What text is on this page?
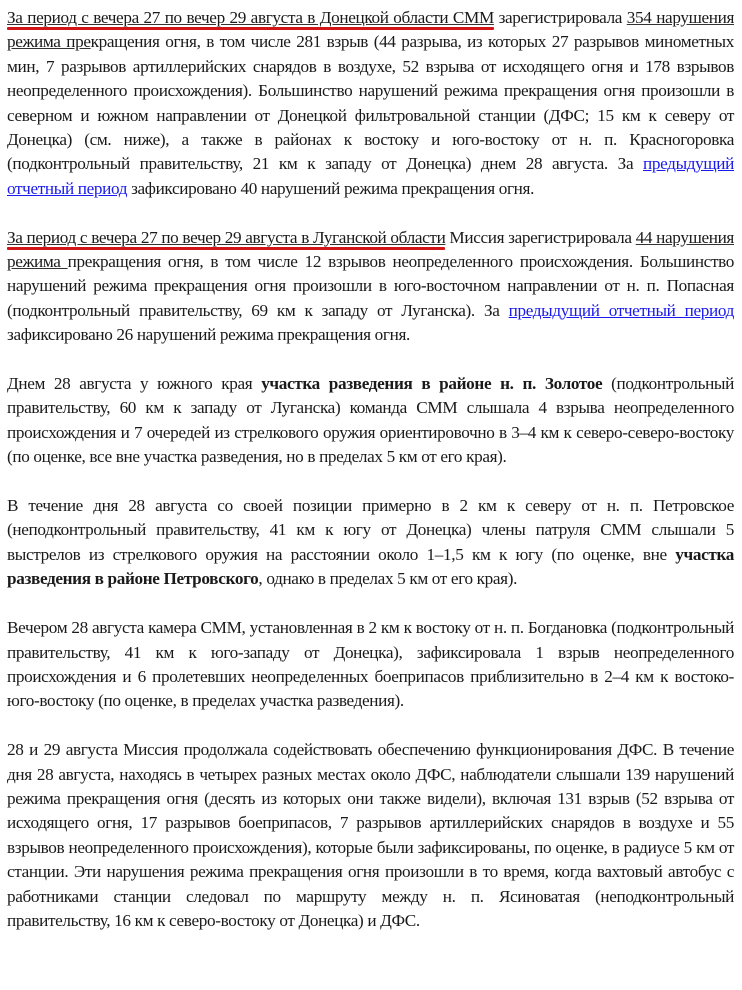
За период с вечера 27 по вечер 29 августа в Донецкой области СММ зарегистрировала 354 нарушения режима прекращения огня, в том числе 281 взрыв (44 разрыва, из которых 27 разрывов минометных мин, 7 разрывов артиллерийских снарядов в воздухе, 52 взрыва от исходящего огня и 178 взрывов неопределенного происхождения). Большинство нарушений режима прекращения огня произошли в северном и южном направлении от Донецкой фильтровальной станции (ДФС; 15 км к северу от Донецка) (см. ниже), а также в районах к востоку и юго-востоку от н. п. Красногоровка (подконтрольный правительству, 21 км к западу от Донецка) днем 28 августа. За предыдущий отчетный период зафиксировано 40 нарушений режима прекращения огня.

За период с вечера 27 по вечер 29 августа в Луганской области Миссия зарегистрировала 44 нарушения режима прекращения огня, в том числе 12 взрывов неопределенного происхождения. Большинство нарушений режима прекращения огня произошли в юго-восточном направлении от н. п. Попасная (подконтрольный правительству, 69 км к западу от Луганска). За предыдущий отчетный период зафиксировано 26 нарушений режима прекращения огня.

Днем 28 августа у южного края участка разведения в районе н. п. Золотое (подконтрольный правительству, 60 км к западу от Луганска) команда СММ слышала 4 взрыва неопределенного происхождения и 7 очередей из стрелкового оружия ориентировочно в 3–4 км к северо-северо-востоку (по оценке, все вне участка разведения, но в пределах 5 км от его края).

В течение дня 28 августа со своей позиции примерно в 2 км к северу от н. п. Петровское (неподконтрольный правительству, 41 км к югу от Донецка) члены патруля СММ слышали 5 выстрелов из стрелкового оружия на расстоянии около 1–1,5 км к югу (по оценке, вне участка разведения в районе Петровского, однако в пределах 5 км от его края).

Вечером 28 августа камера СММ, установленная в 2 км к востоку от н. п. Богдановка (подконтрольный правительству, 41 км к юго-западу от Донецка), зафиксировала 1 взрыв неопределенного происхождения и 6 пролетевших неопределенных боеприпасов приблизительно в 2–4 км к востоко-юго-востоку (по оценке, в пределах участка разведения).

28 и 29 августа Миссия продолжала содействовать обеспечению функционирования ДФС. В течение дня 28 августа, находясь в четырех разных местах около ДФС, наблюдатели слышали 139 нарушений режима прекращения огня (десять из которых они также видели), включая 131 взрыв (52 взрыва от исходящего огня, 17 разрывов боеприпасов, 7 разрывов артиллерийских снарядов в воздухе и 55 взрывов неопределенного происхождения), которые были зафиксированы, по оценке, в радиусе 5 км от станции. Эти нарушения режима прекращения огня произошли в то время, когда вахтовый автобус с работниками станции следовал по маршруту между н. п. Ясиноватая (неподконтрольный правительству, 16 км к северо-востоку от Донецка) и ДФС.
